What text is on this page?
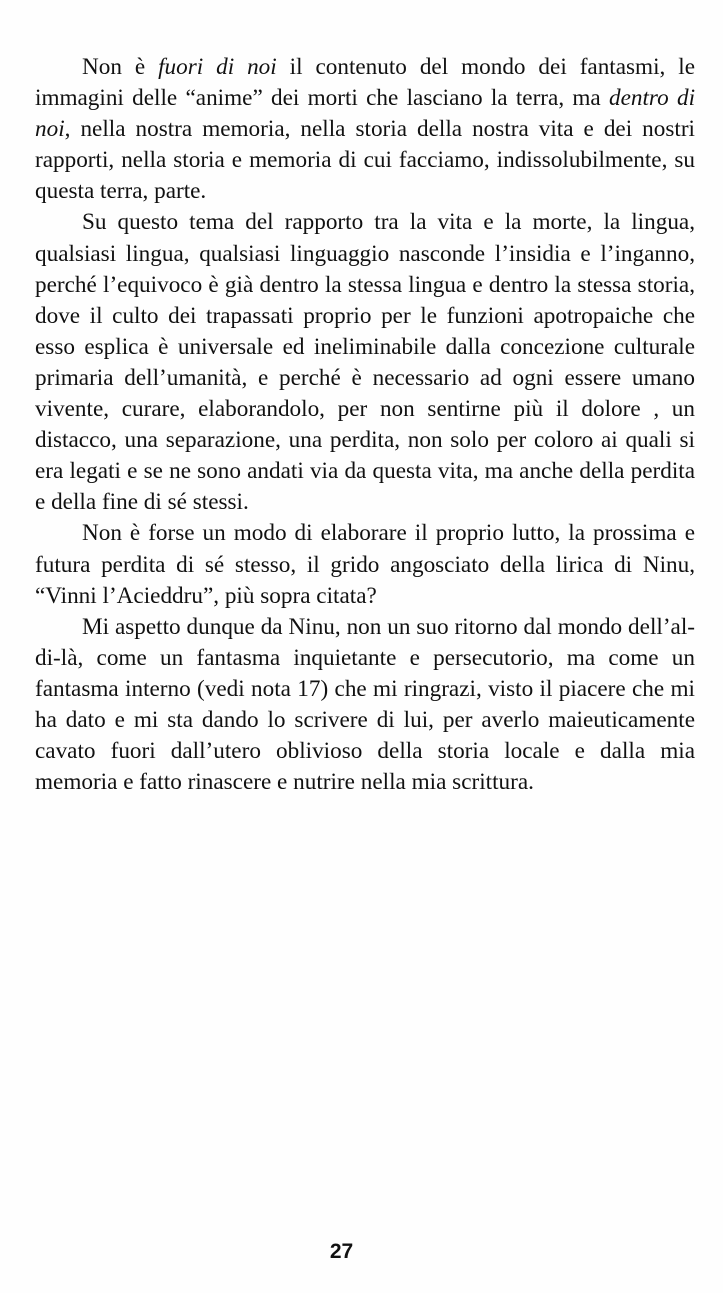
Non è fuori di noi il contenuto del mondo dei fantasmi, le immagini delle “anime” dei morti che lasciano la terra, ma dentro di noi, nella nostra memoria, nella storia della nostra vita e dei nostri rapporti, nella storia e memoria di cui facciamo, indissolubilmente, su questa terra, parte.

Su questo tema del rapporto tra la vita e la morte, la lingua, qualsiasi lingua, qualsiasi linguaggio nasconde l’insidia e l’inganno, perché l’equivoco è già dentro la stessa lingua e dentro la stessa storia, dove il culto dei trapassati proprio per le funzioni apotropaiche che esso esplica è universale ed ineliminabile dalla concezione culturale primaria dell’umanità, e perché è necessario ad ogni essere umano vivente, curare, elaborandolo, per non sentirne più il dolore , un distacco, una separazione, una perdita, non solo per coloro ai quali si era legati e se ne sono andati via da questa vita, ma anche della perdita e della fine di sé stessi.

Non è forse un modo di elaborare il proprio lutto, la prossima e futura perdita di sé stesso, il grido angosciato della lirica di Ninu, “Vinni l’Acieddru”, più sopra citata?

Mi aspetto dunque da Ninu, non un suo ritorno dal mondo dell’al-di-là, come un fantasma inquietante e persecutorio, ma come un fantasma interno (vedi nota 17) che mi ringrazi, visto il piacere che mi ha dato e mi sta dando lo scrivere di lui, per averlo maieuticamente cavato fuori dall’utero oblivioso della storia locale e dalla mia memoria e fatto rinascere e nutrire nella mia scrittura.

27
